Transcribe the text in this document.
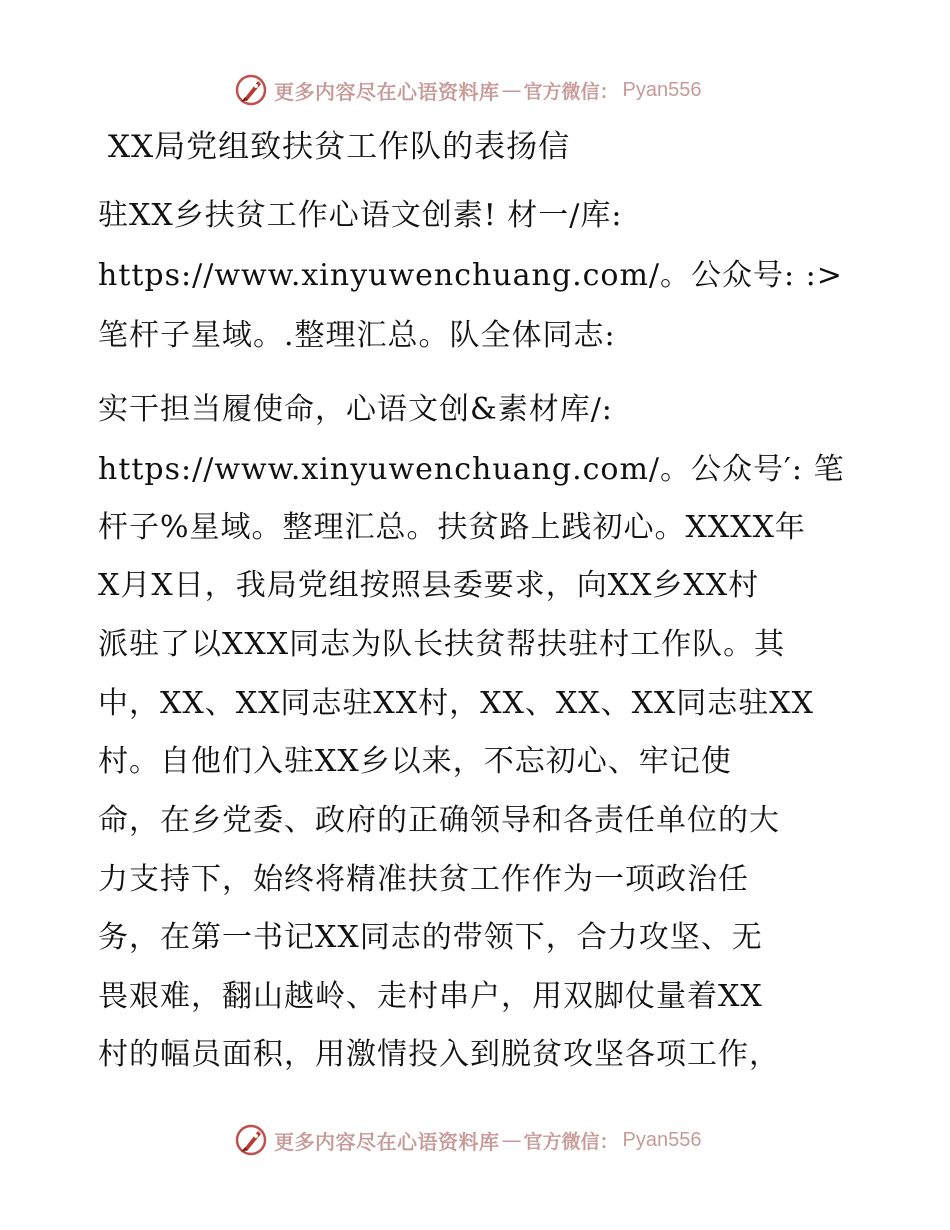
更多内容尽在心语资料库 — 官方微信： Pyan556
XX局党组致扶贫工作队的表扬信
驻XX乡扶贫工作心语文创素! 材一/库:
https://www.xinyuwenchuang.com/。公众号: :>
笔杆子星域。.整理汇总。队全体同志:
实干担当履使命，心语文创&素材库/:
https://www.xinyuwenchuang.com/。公众号′: 笔
杆子%星域。整理汇总。扶贫路上践初心。XXXX年
X月X日，我局党组按照县委要求，向XX乡XX村
派驻了以XXX同志为队长扶贫帮扶驻村工作队。其
中，XX、XX同志驻XX村，XX、XX、XX同志驻XX
村。自他们入驻XX乡以来，不忘初心、牢记使
命，在乡党委、政府的正确领导和各责任单位的大
力支持下，始终将精准扶贫工作作为一项政治任
务，在第一书记XX同志的带领下，合力攻坚、无
畏艰难，翻山越岭、走村串户，用双脚仗量着XX
村的幅员面积，用激情投入到脱贫攻坚各项工作，
更多内容尽在心语资料库 — 官方微信： Pyan556
